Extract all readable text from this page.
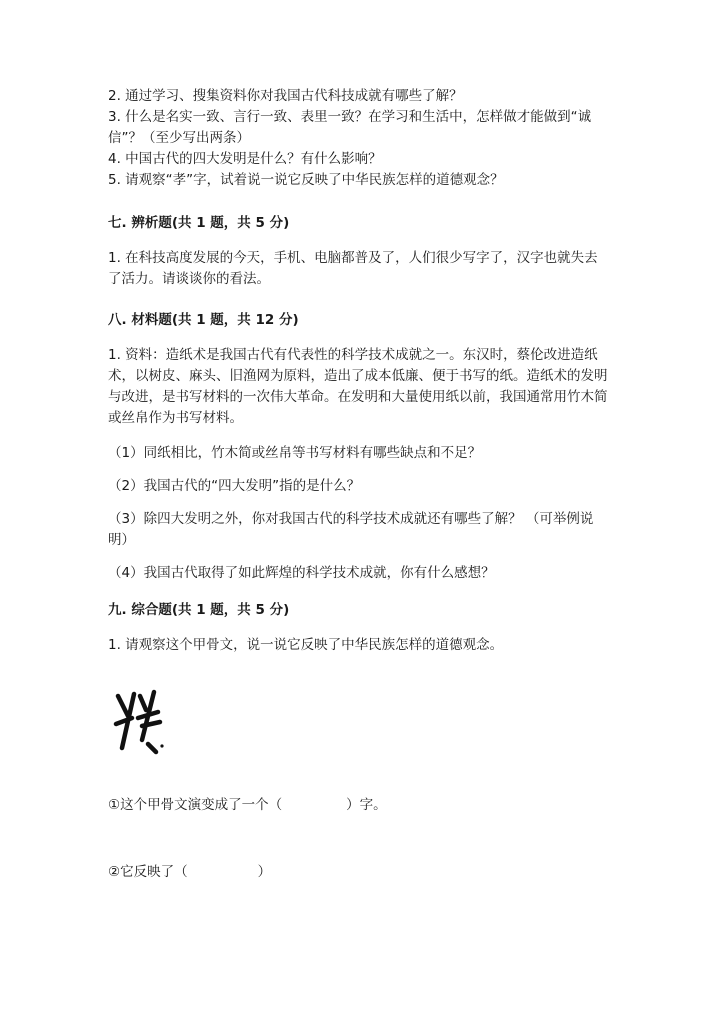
2. 通过学习、搜集资料你对我国古代科技成就有哪些了解？

3. 什么是名实一致、言行一致、表里一致？在学习和生活中，怎样做才能做到“诚信”？（至少写出两条）

4. 中国古代的四大发明是什么？有什么影响？

5. 请观察“孝”字，试着说一说它反映了中华民族怎样的道德观念？

七. 辨析题(共 1 题，共 5 分)

1. 在科技高度发展的今天，手机、电脑都普及了，人们很少写字了，汉字也就失去了活力。请谈谈你的看法。

八. 材料题(共 1 题，共 12 分)

1. 资料：造纸术是我国古代有代表性的科学技术成就之一。东汉时，蔡伦改进造纸术，以树皮、麻头、旧渔网为原料，造出了成本低廉、便于书写的纸。造纸术的发明与改进，是书写材料的一次伟大革命。在发明和大量使用纸以前，我国通常用竹木简或丝帛作为书写材料。

（1）同纸相比，竹木简或丝帛等书写材料有哪些缺点和不足？

（2）我国古代的“四大发明”指的是什么？

（3）除四大发明之外，你对我国古代的科学技术成就还有哪些了解？ （可举例说明）

（4）我国古代取得了如此辉煌的科学技术成就，你有什么感想？

九. 综合题(共 1 题，共 5 分)

1. 请观察这个甲骨文，说一说它反映了中华民族怎样的道德观念。

①这个甲骨文演变成了一个（	）字。

②它反映了（	）
